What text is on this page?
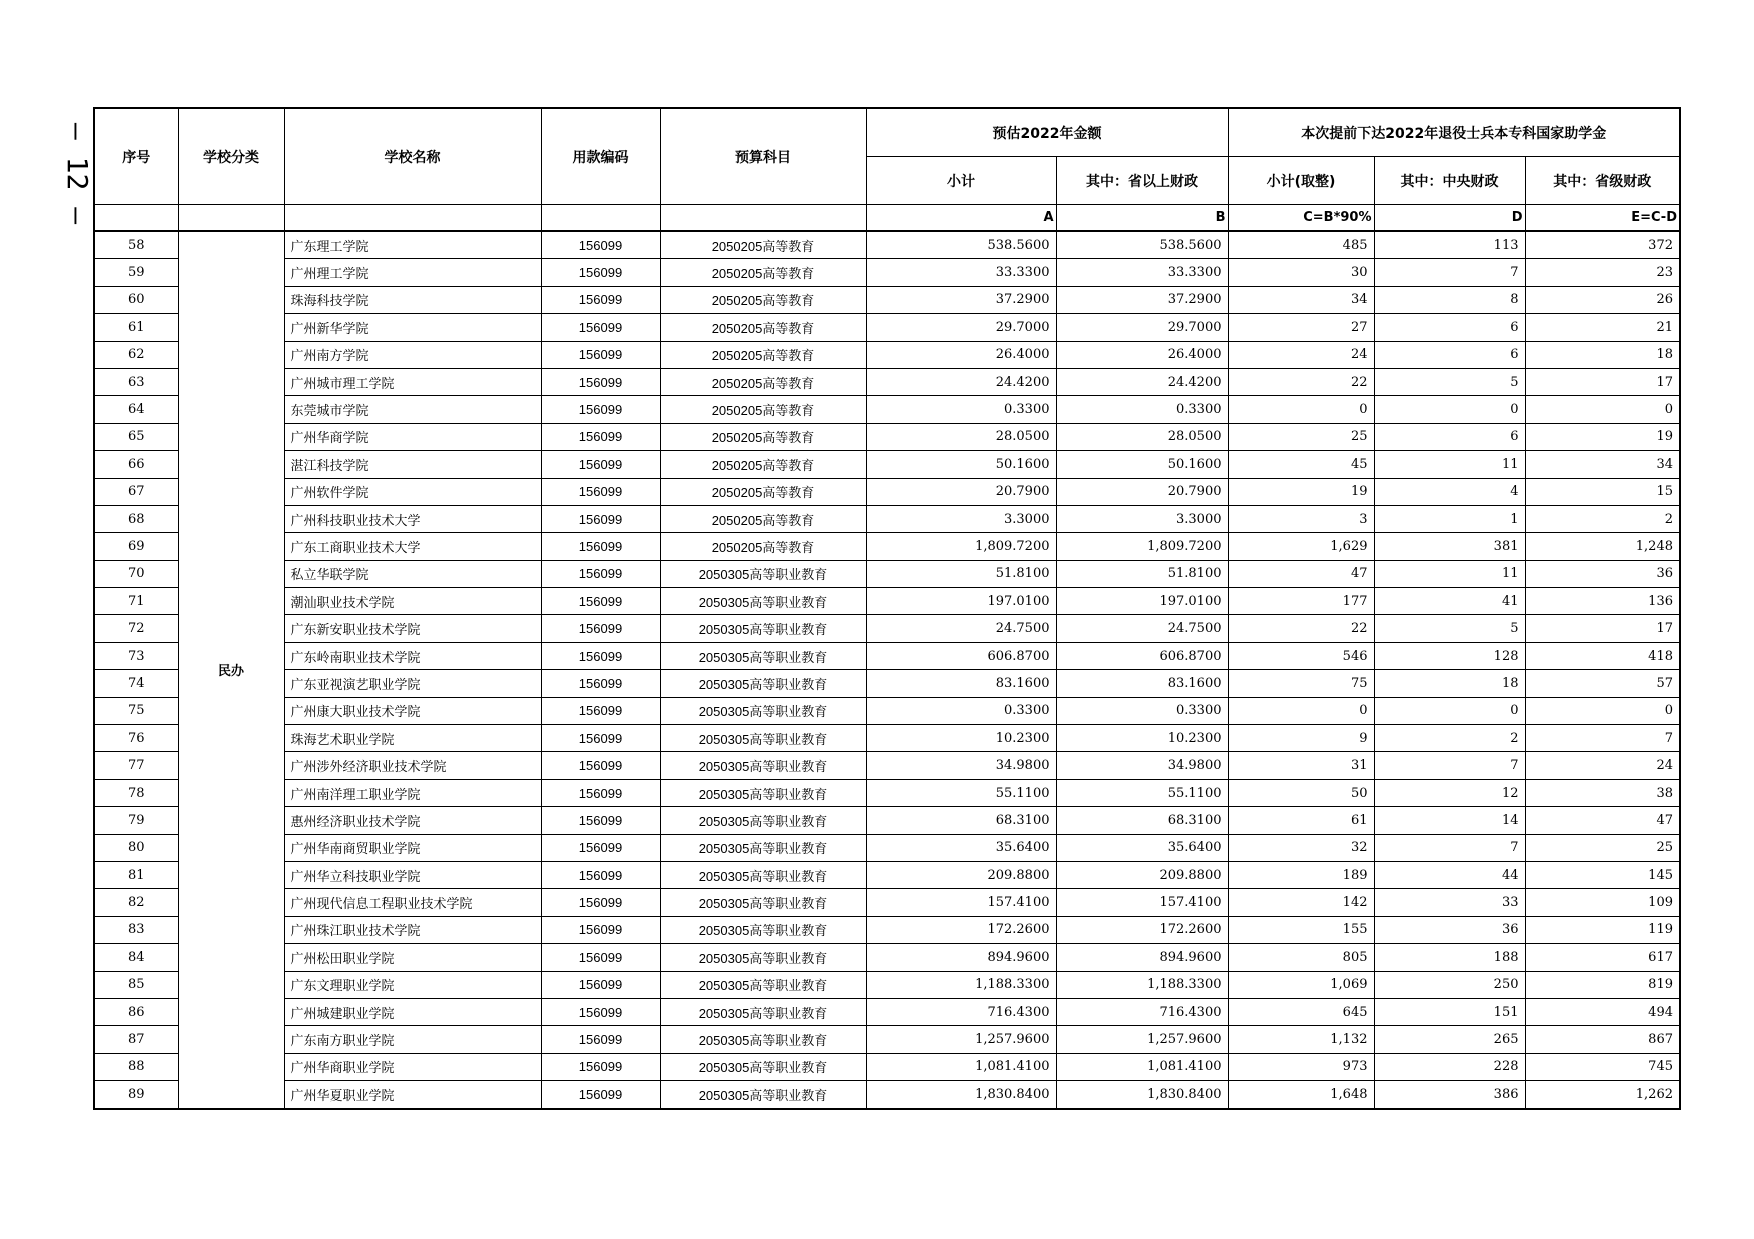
— 12 — 序号	学校分类	学校名称	用款编码	预算科目	预估2022年金额		本次提前下达2022年退役士兵本专科国家助学金		
					小计	其中：省以上财政	小计(取整)	其中：中央财政	其中：省级财政
					A	B	C=B*90%	D	E=C-D
58	民办	广东理工学院	156099	2050205高等教育	538.5600	538.5600	485	113	372
59		广州理工学院	156099	2050205高等教育	33.3300	33.3300	30	7	23
60		珠海科技学院	156099	2050205高等教育	37.2900	37.2900	34	8	26
61		广州新华学院	156099	2050205高等教育	29.7000	29.7000	27	6	21
62		广州南方学院	156099	2050205高等教育	26.4000	26.4000	24	6	18
63		广州城市理工学院	156099	2050205高等教育	24.4200	24.4200	22	5	17
64		东莞城市学院	156099	2050205高等教育	0.3300	0.3300	0	0	0
65		广州华商学院	156099	2050205高等教育	28.0500	28.0500	25	6	19
66		湛江科技学院	156099	2050205高等教育	50.1600	50.1600	45	11	34
67		广州软件学院	156099	2050205高等教育	20.7900	20.7900	19	4	15
68		广州科技职业技术大学	156099	2050205高等教育	3.3000	3.3000	3	1	2
69		广东工商职业技术大学	156099	2050205高等教育	1,809.7200	1,809.7200	1,629	381	1,248
70		私立华联学院	156099	2050305高等职业教育	51.8100	51.8100	47	11	36
71		潮汕职业技术学院	156099	2050305高等职业教育	197.0100	197.0100	177	41	136
72		广东新安职业技术学院	156099	2050305高等职业教育	24.7500	24.7500	22	5	17
73		广东岭南职业技术学院	156099	2050305高等职业教育	606.8700	606.8700	546	128	418
74		广东亚视演艺职业学院	156099	2050305高等职业教育	83.1600	83.1600	75	18	57
75		广州康大职业技术学院	156099	2050305高等职业教育	0.3300	0.3300	0	0	0
76		珠海艺术职业学院	156099	2050305高等职业教育	10.2300	10.2300	9	2	7
77		广州涉外经济职业技术学院	156099	2050305高等职业教育	34.9800	34.9800	31	7	24
78		广州南洋理工职业学院	156099	2050305高等职业教育	55.1100	55.1100	50	12	38
79		惠州经济职业技术学院	156099	2050305高等职业教育	68.3100	68.3100	61	14	47
80		广州华南商贸职业学院	156099	2050305高等职业教育	35.6400	35.6400	32	7	25
81		广州华立科技职业学院	156099	2050305高等职业教育	209.8800	209.8800	189	44	145
82		广州现代信息工程职业技术学院	156099	2050305高等职业教育	157.4100	157.4100	142	33	109
83		广州珠江职业技术学院	156099	2050305高等职业教育	172.2600	172.2600	155	36	119
84		广州松田职业学院	156099	2050305高等职业教育	894.9600	894.9600	805	188	617
85		广东文理职业学院	156099	2050305高等职业教育	1,188.3300	1,188.3300	1,069	250	819
86		广州城建职业学院	156099	2050305高等职业教育	716.4300	716.4300	645	151	494
87		广东南方职业学院	156099	2050305高等职业教育	1,257.9600	1,257.9600	1,132	265	867
88		广州华商职业学院	156099	2050305高等职业教育	1,081.4100	1,081.4100	973	228	745
89		广州华夏职业学院	156099	2050305高等职业教育	1,830.8400	1,830.8400	1,648	386	1,262
